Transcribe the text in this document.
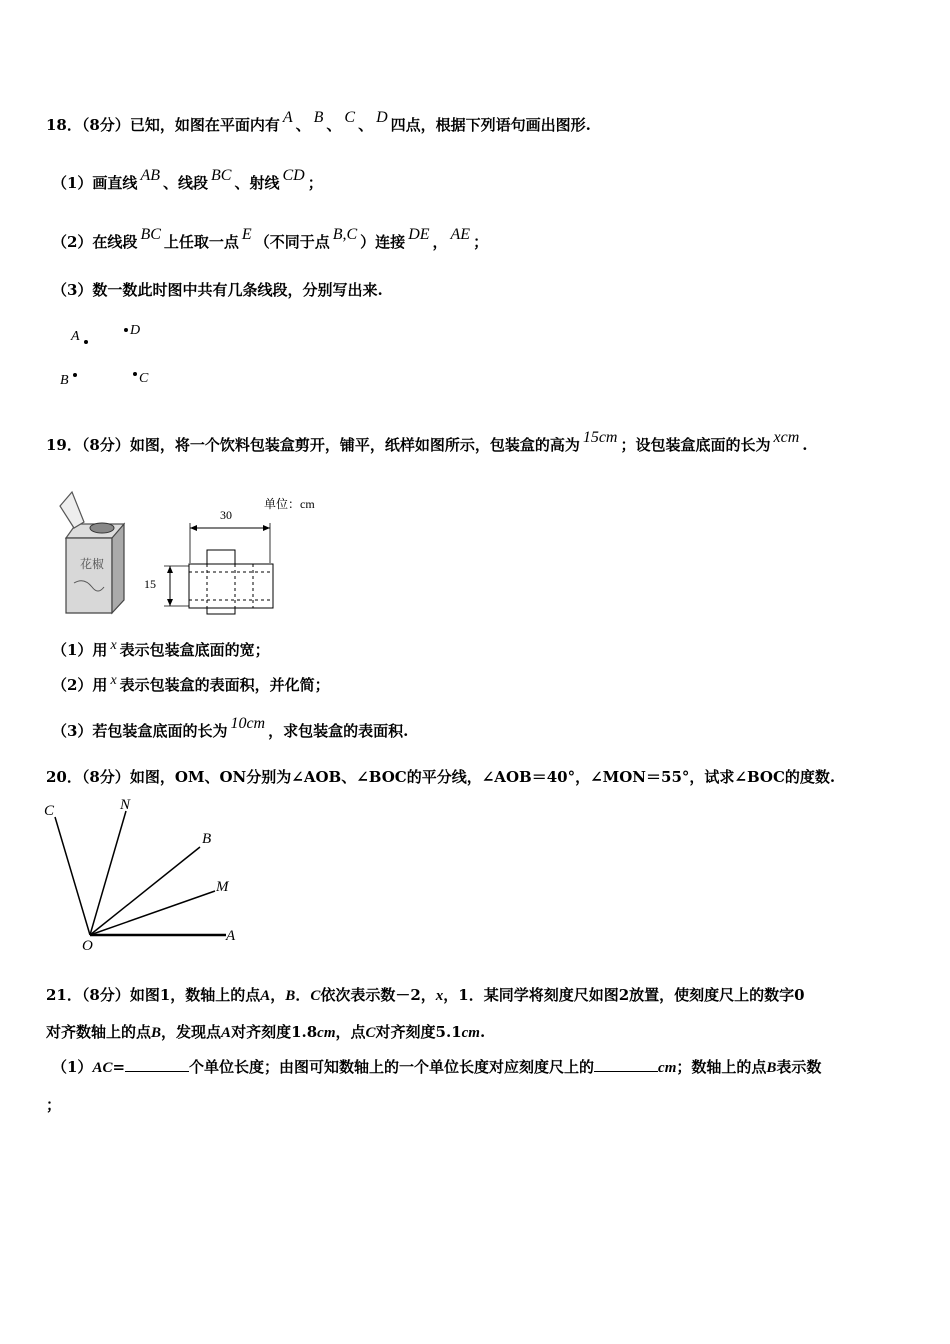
18．（8分）已知，如图在平面内有 A 、 B 、 C 、 D 四点，根据下列语句画出图形.
（1）画直线 AB 、线段 BC 、射线 CD ；
（2）在线段 BC 上任取一点 E （不同于点 B,C ）连接 DE ， AE ；
（3）数一数此时图中共有几条线段，分别写出来.
A	D
B	C
19．（8分）如图，将一个饮料包装盒剪开，铺平，纸样如图所示，包装盒的高为 15cm ；设包装盒底面的长为 xcm .
花椒
单位：cm
30
15
（1）用 x 表示包装盒底面的宽；
（2）用 x 表示包装盒的表面积，并化简；
（3）若包装盒底面的长为 10cm ，求包装盒的表面积.
20．（8分）如图，OM、ON分别为∠AOB、∠BOC的平分线，∠AOB＝40°，∠MON＝55°，试求∠BOC的度数.
C	N
B
M
O
A
21．（8分）如图1，数轴上的点A，B．C依次表示数－2，x，1．某同学将刻度尺如图2放置，使刻度尺上的数字0
对齐数轴上的点B，发现点A对齐刻度1.8cm，点C对齐刻度5.1cm.
（1）AC=	个单位长度；由图可知数轴上的一个单位长度对应刻度尺上的	cm；数轴上的点B表示数
；
